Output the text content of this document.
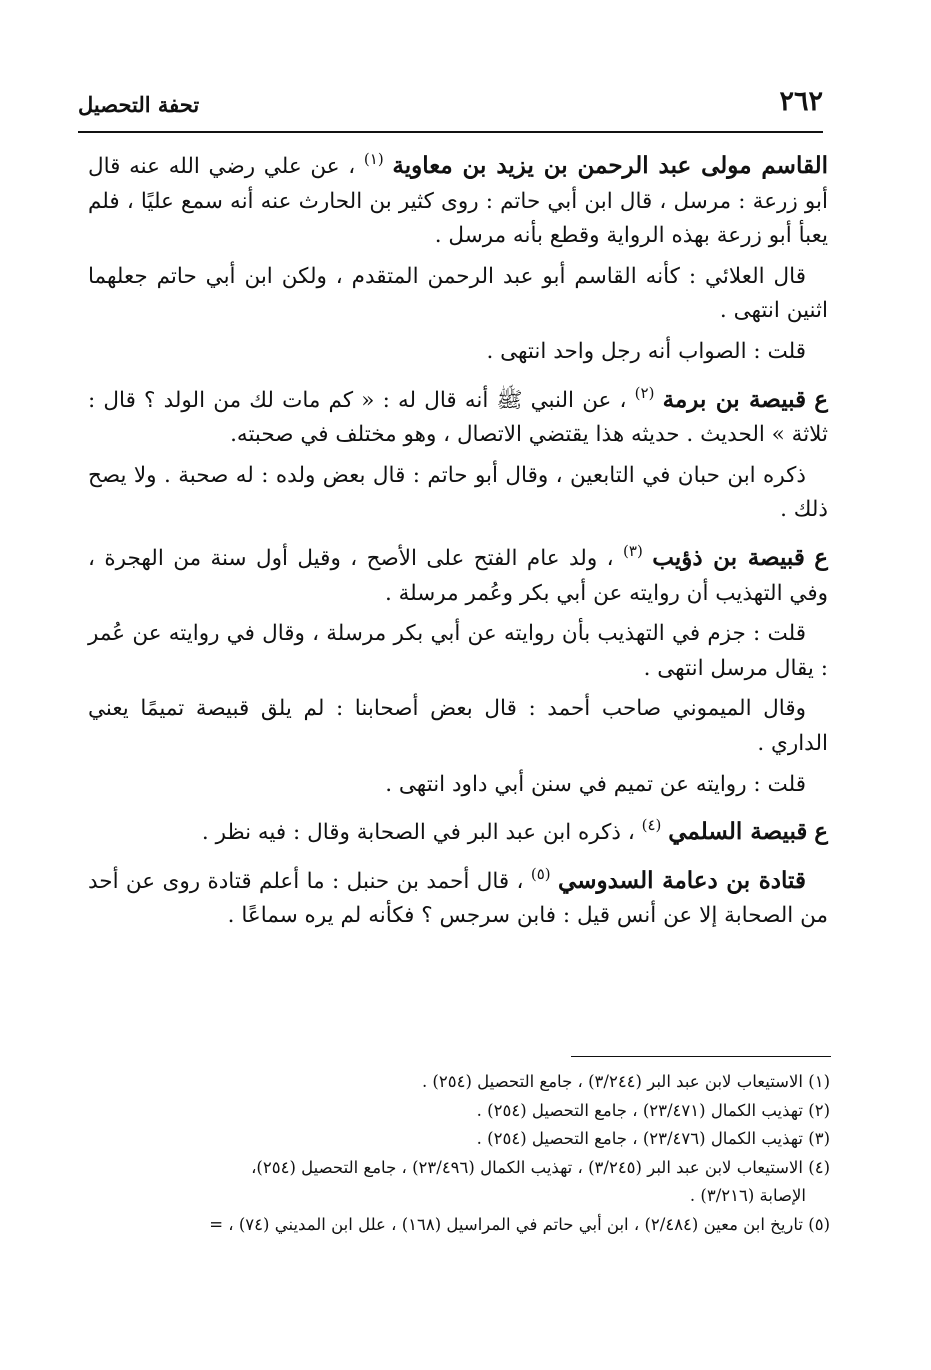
٢٦٢
تحفة التحصيل

القاسم مولى عبد الرحمن بن يزيد بن معاوية $^{(١)}$ ، عن علي رضي الله عنه قال أبو زرعة : مرسل ، قال ابن أبي حاتم : روى كثير بن الحارث عنه أنه سمع عليًا ، فلم يعبأ أبو زرعة بهذه الرواية وقطع بأنه مرسل .

قال العلائي : كأنه القاسم أبو عبد الرحمن المتقدم ، ولكن ابن أبي حاتم جعلهما اثنين انتهى .

قلت : الصواب أنه رجل واحد انتهى .

ع قبيصة بن برمة $^{(٢)}$ ، عن النبي ﷺ أنه قال له : « كم مات لك من الولد ؟ قال : ثلاثة » الحديث . حديثه هذا يقتضي الاتصال ، وهو مختلف في صحبته.

ذكره ابن حبان في التابعين ، وقال أبو حاتم : قال بعض ولده : له صحبة . ولا يصح ذلك .

ع قبيصة بن ذؤيب $^{(٣)}$ ، ولد عام الفتح على الأصح ، وقيل أول سنة من الهجرة ، وفي التهذيب أن روايته عن أبي بكر وعُمر مرسلة .

قلت : جزم في التهذيب بأن روايته عن أبي بكر مرسلة ، وقال في روايته عن عُمر : يقال مرسل انتهى .

وقال الميموني صاحب أحمد : قال بعض أصحابنا : لم يلق قبيصة تميمًا يعني الداري .

قلت : روايته عن تميم في سنن أبي داود انتهى .

ع قبيصة السلمي $^{(٤)}$ ، ذكره ابن عبد البر في الصحابة وقال : فيه نظر .

قتادة بن دعامة السدوسي $^{(٥)}$ ، قال أحمد بن حنبل : ما أعلم قتادة روى عن أحد من الصحابة إلا عن أنس قيل : فابن سرجس ؟ فكأنه لم يره سماعًا .

(١) الاستيعاب لابن عبد البر (٣/٢٤٤) ، جامع التحصيل (٢٥٤) .

(٢) تهذيب الكمال (٢٣/٤٧١) ، جامع التحصيل (٢٥٤) .

(٣) تهذيب الكمال (٢٣/٤٧٦) ، جامع التحصيل (٢٥٤) .

(٤) الاستيعاب لابن عبد البر (٣/٢٤٥) ، تهذيب الكمال (٢٣/٤٩٦) ، جامع التحصيل (٢٥٤)،

الإصابة (٣/٢١٦) .

(٥) تاريخ ابن معين (٢/٤٨٤) ، ابن أبي حاتم في المراسيل (١٦٨) ، علل ابن المديني (٧٤) ، =
